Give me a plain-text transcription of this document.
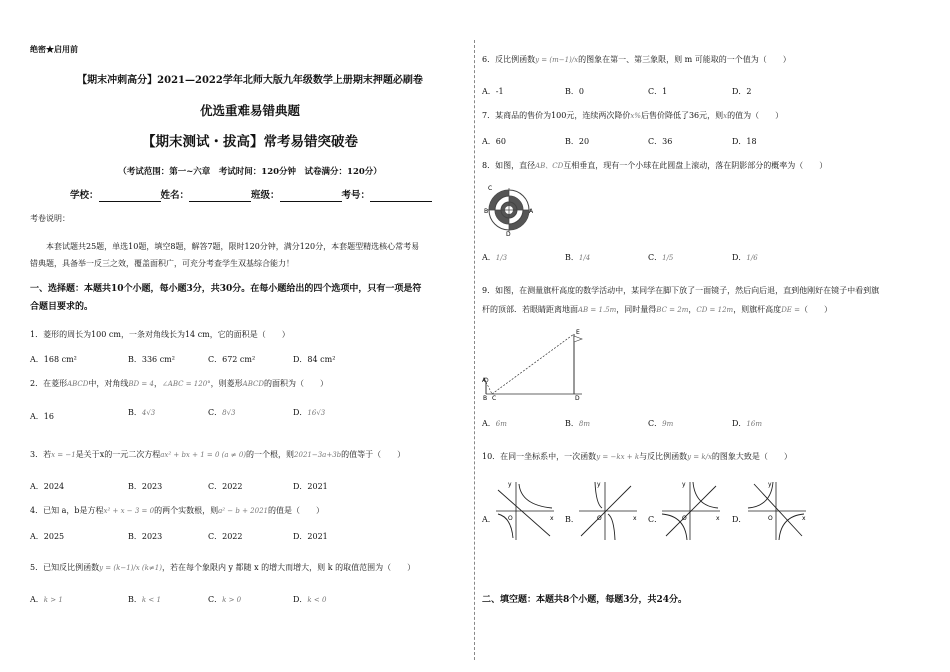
绝密★启用前
【期末冲刺高分】2021—2022学年北师大版九年级数学上册期末押题必刷卷
优选重难易错典题
【期末测试・拔高】常考易错突破卷
（考试范围：第一~六章　考试时间：120分钟　试卷满分：120分）
学校：	姓名：	班级：	考号：
考卷说明：
本套试题共25题，单选10题，填空8题，解答7题，限时120分钟，满分120分，本套题型精选核心常考易
错典题，具备举一反三之效，覆盖面积广，可充分考查学生双基综合能力！
一、选择题：本题共10个小题，每小题3分，共30分。在每小题给出的四个选项中，只有一项是符
合题目要求的。
1．菱形的周长为100 cm，一条对角线长为14 cm，它的面积是（　　）
A．168 cm²	B．336 cm²	C．672 cm²	D．84 cm²
2．在菱形ABCD中，对角线BD = 4，∠ABC = 120°，则菱形ABCD的面积为（　　）
A．16	B．4√3	C．8√3	D．16√3
3．若x = −1是关于x的一元二次方程ax² + bx + 1 = 0 (a ≠ 0)的一个根，则2021−3a+3b的值等于（　　）
A．2024	B．2023	C．2022	D．2021
4．已知 a，b是方程x² + x − 3 = 0的两个实数根，则a² − b + 2021的值是（　　）
A．2025	B．2023	C．2022	D．2021
5．已知反比例函数y = (k−1)/x (k≠1)，若在每个象限内 y 都随 x 的增大而增大，则 k 的取值范围为（　　）
A．k > 1	B．k < 1	C．k > 0	D．k < 0
6．反比例函数y = (m−1)/x的图象在第一、第三象限，则 m 可能取的一个值为（　　）
A．-1	B．0	C．1	D．2
7．某商品的售价为100元，连续两次降价x%后售价降低了36元，则x的值为（　　）
A．60	B．20	C．36	D．18
8．如图，直径AB、CD互相垂直，现有一个小球在此圆盘上滚动，落在阴影部分的概率为（　　）
C
B	A
D
A．1/3	B．1/4	C．1/5	D．1/6
9．如图，在测量旗杆高度的数学活动中，某同学在脚下放了一面镜子，然后向后退，直到他刚好在镜子中看到旗
杆的顶部．若眼睛距离地面AB = 1.5m，同时量得BC = 2m，CD = 12m，则旗杆高度DE =（　　）
E
A
B C	D
A．6m	B．8m	C．9m	D．16m
10．在同一坐标系中，一次函数y = −kx + k与反比例函数y = k/x的图象大致是（　　）
A．
y
x
O	B．
y
x
O	C．
y
x
O	D．
y
x
O
二、填空题：本题共8个小题，每题3分，共24分。
